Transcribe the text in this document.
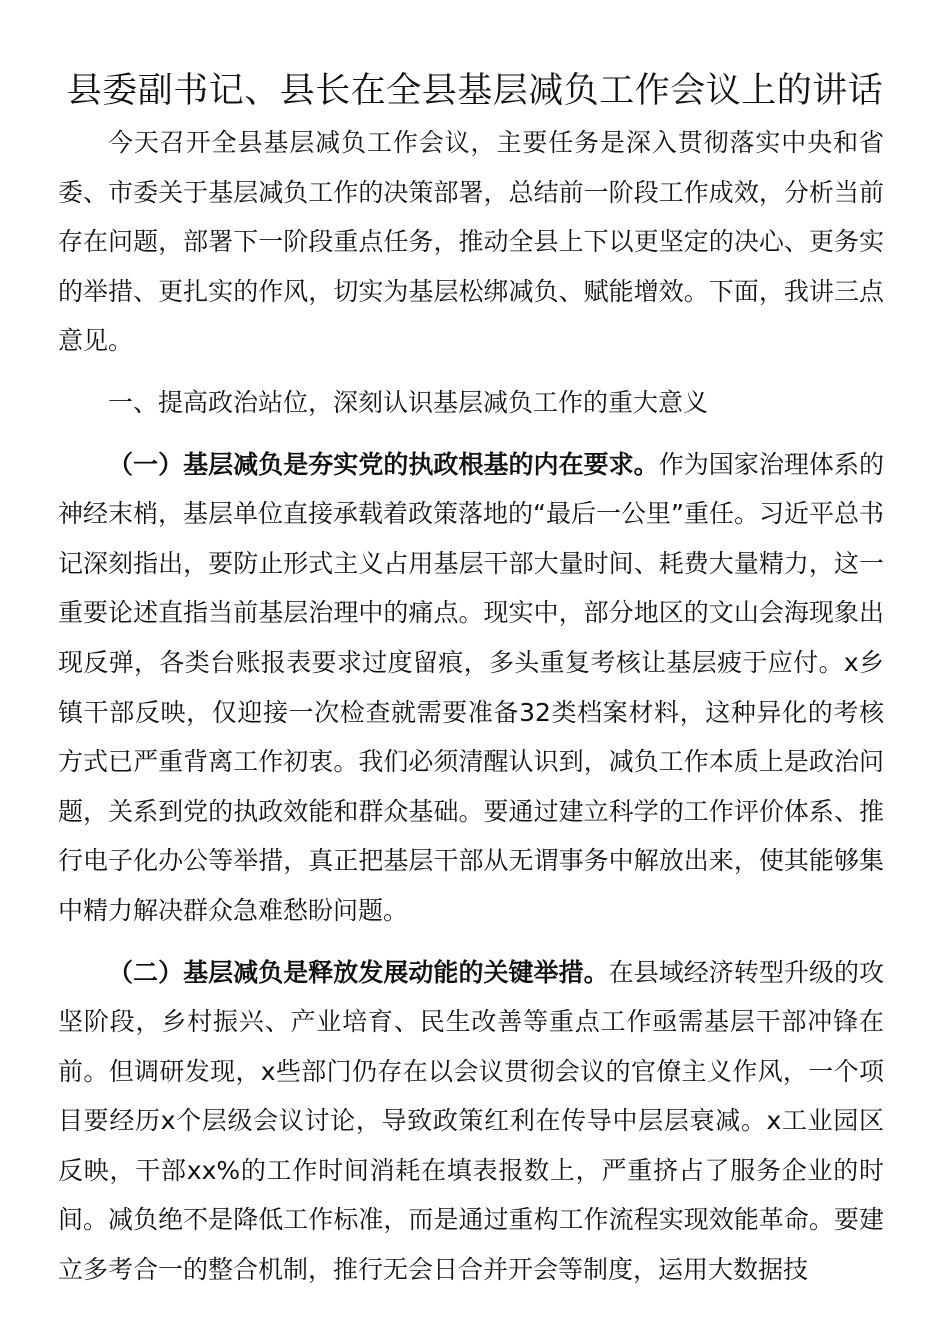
县委副书记、县长在全县基层减负工作会议上的讲话

今天召开全县基层减负工作会议，主要任务是深入贯彻落实中央和省委、市委关于基层减负工作的决策部署，总结前一阶段工作成效，分析当前存在问题，部署下一阶段重点任务，推动全县上下以更坚定的决心、更务实的举措、更扎实的作风，切实为基层松绑减负、赋能增效。下面，我讲三点意见。

一、提高政治站位，深刻认识基层减负工作的重大意义

（一）基层减负是夯实党的执政根基的内在要求。作为国家治理体系的神经末梢，基层单位直接承载着政策落地的“最后一公里”重任。习近平总书记深刻指出，要防止形式主义占用基层干部大量时间、耗费大量精力，这一重要论述直指当前基层治理中的痛点。现实中，部分地区的文山会海现象出现反弹，各类台账报表要求过度留痕，多头重复考核让基层疲于应付。x乡镇干部反映，仅迎接一次检查就需要准备32类档案材料，这种异化的考核方式已严重背离工作初衷。我们必须清醒认识到，减负工作本质上是政治问题，关系到党的执政效能和群众基础。要通过建立科学的工作评价体系、推行电子化办公等举措，真正把基层干部从无谓事务中解放出来，使其能够集中精力解决群众急难愁盼问题。

（二）基层减负是释放发展动能的关键举措。在县域经济转型升级的攻坚阶段，乡村振兴、产业培育、民生改善等重点工作亟需基层干部冲锋在前。但调研发现，x些部门仍存在以会议贯彻会议的官僚主义作风，一个项目要经历x个层级会议讨论，导致政策红利在传导中层层衰减。x工业园区反映，干部xx%的工作时间消耗在填表报数上，严重挤占了服务企业的时间。减负绝不是降低工作标准，而是通过重构工作流程实现效能革命。要建立多考合一的整合机制，推行无会日合并开会等制度，运用大数据技
